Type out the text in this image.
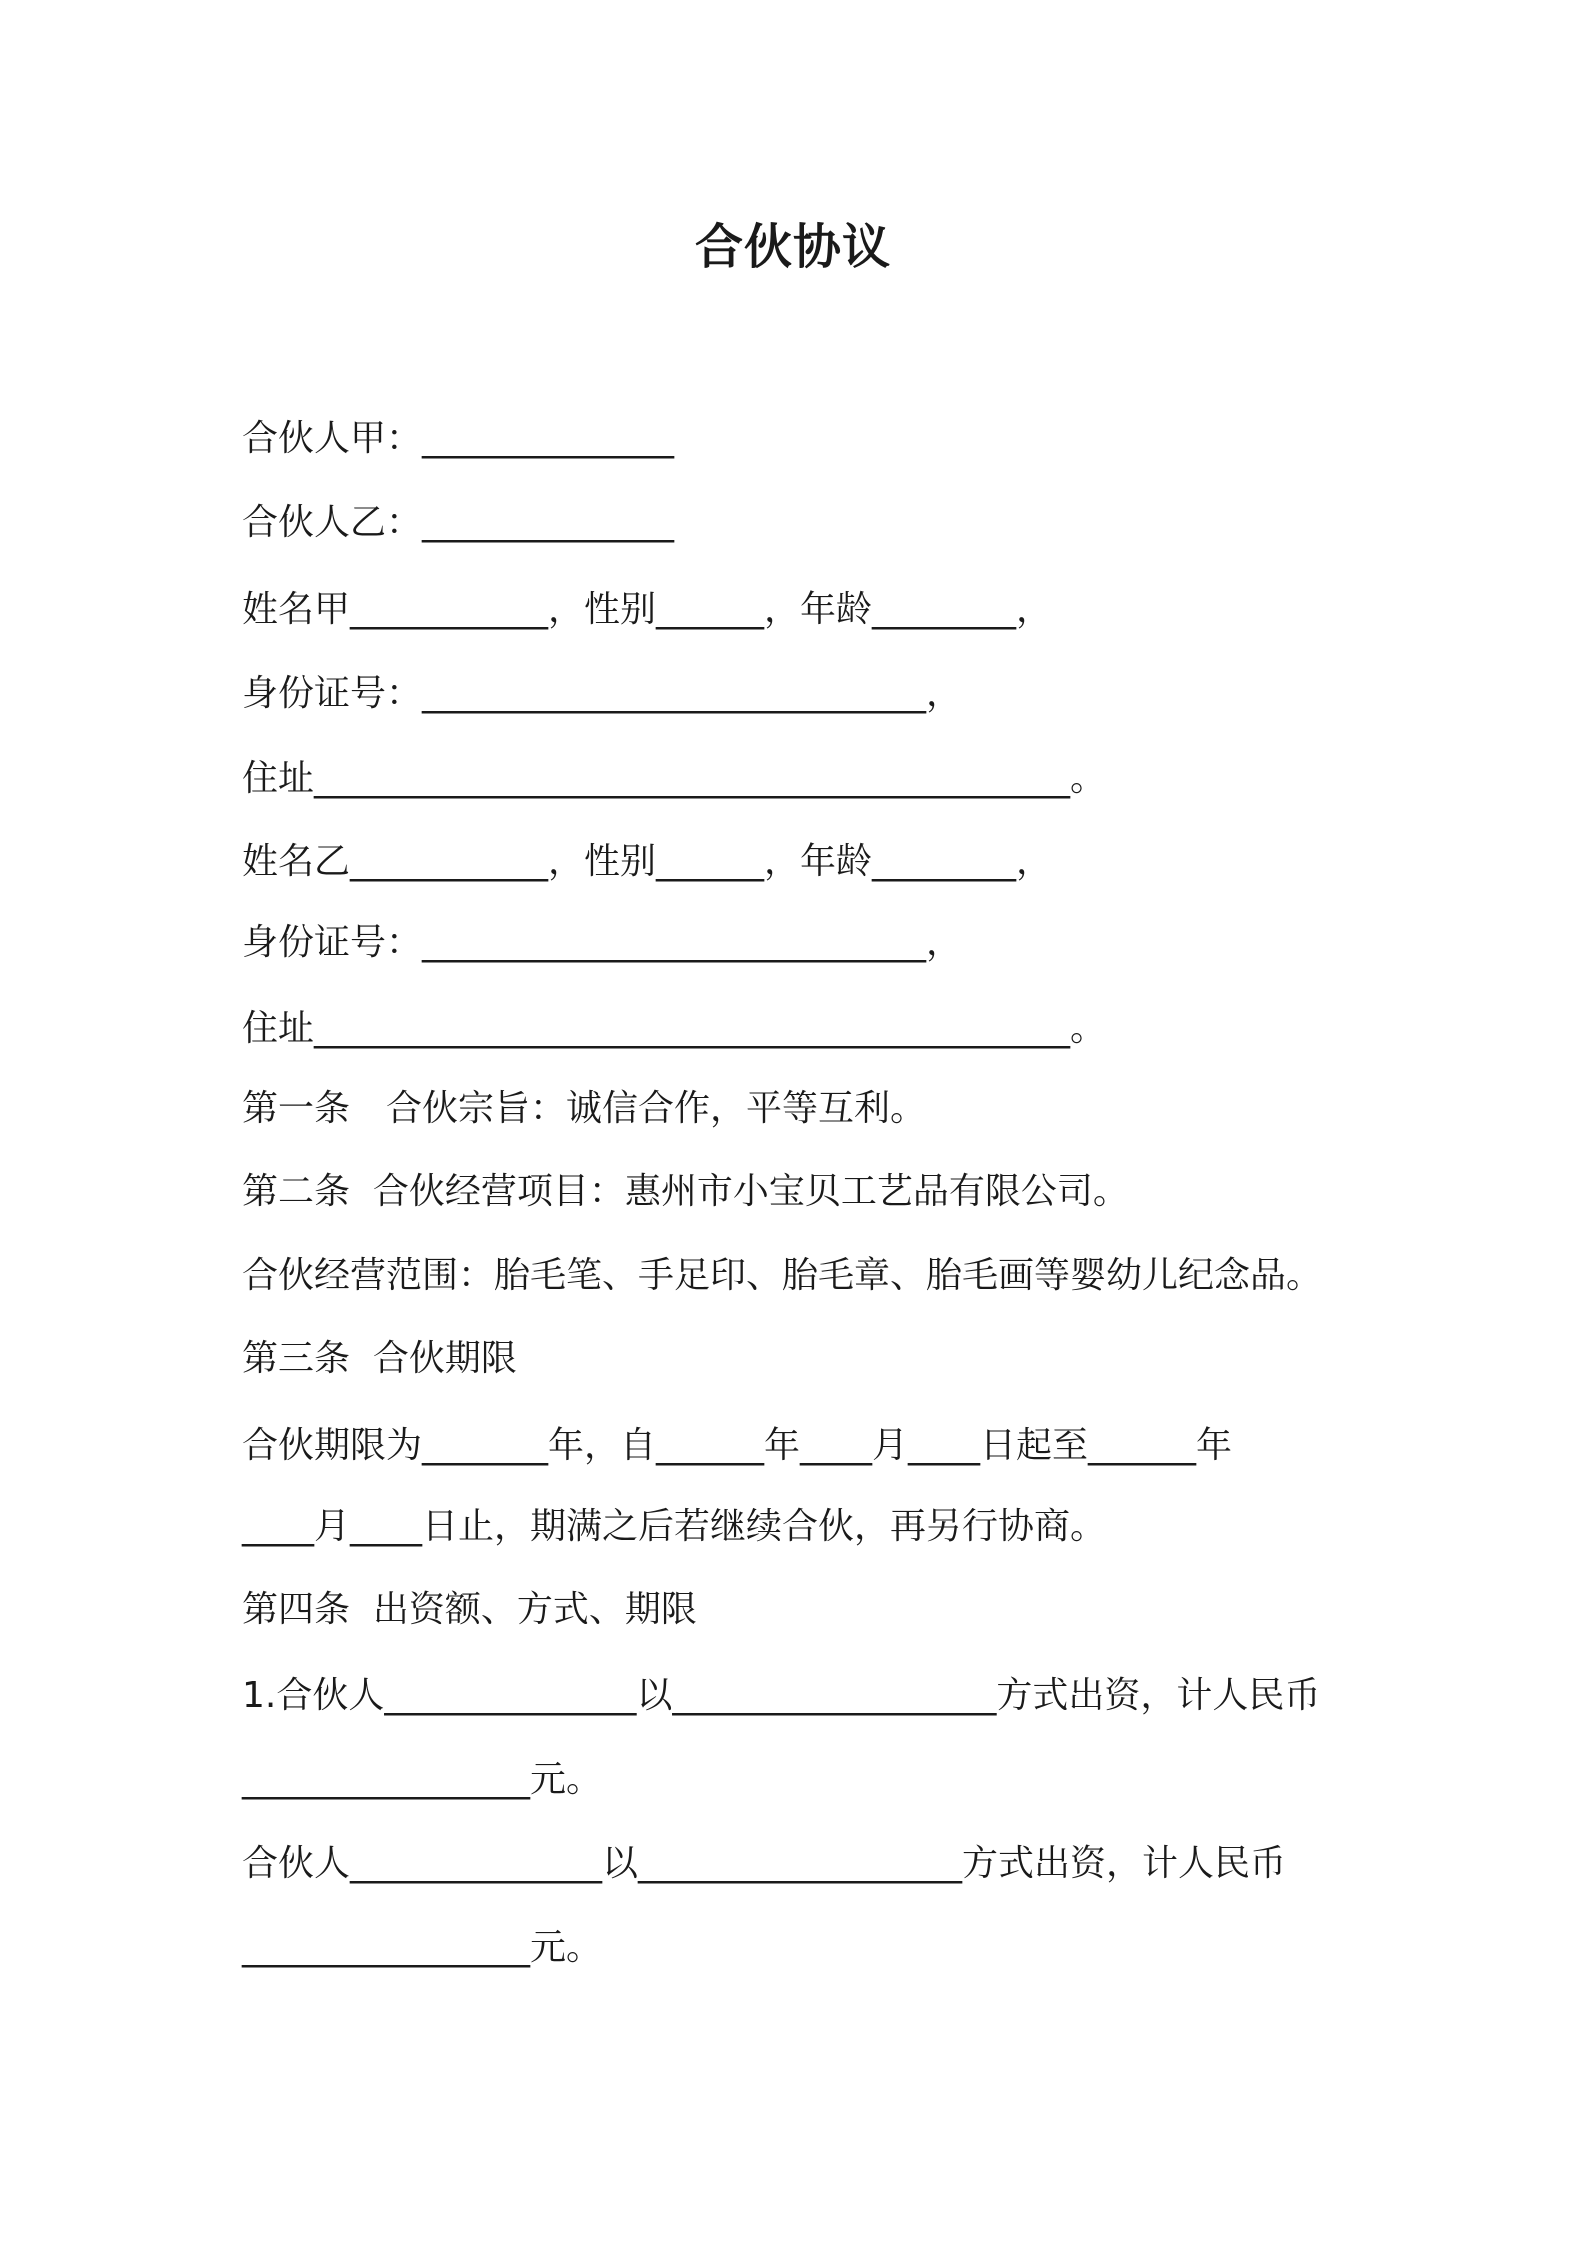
合伙协议
合伙人甲：______________
合伙人乙：______________
姓名甲___________，性别______，年龄________，
身份证号：____________________________，
住址__________________________________________。
姓名乙___________，性别______，年龄________，
身份证号：____________________________，
住址__________________________________________。
第一条 合伙宗旨：诚信合作，平等互利。
第二条  合伙经营项目：惠州市小宝贝工艺品有限公司。
合伙经营范围：胎毛笔、手足印、胎毛章、胎毛画等婴幼儿纪念品。
第三条  合伙期限
合伙期限为_______年，自______年____月____日起至______年
____月____日止，期满之后若继续合伙，再另行协商。
第四条  出资额、方式、期限
1.合伙人______________以__________________方式出资，计人民币
________________元。
合伙人______________以__________________方式出资，计人民币
________________元。
